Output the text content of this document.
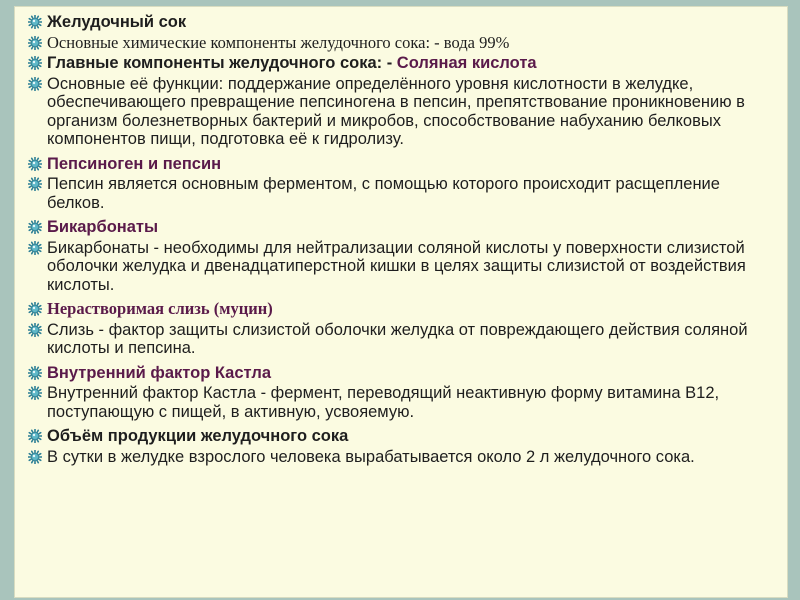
Желудочный сок
Основные химические компоненты желудочного сока: - вода 99%
Главные компоненты желудочного сока: - Соляная кислота
Основные её функции: поддержание определённого уровня кислотности в желудке, обеспечивающего превращение пепсиногена в пепсин, препятствование проникновению в организм болезнетворных бактерий и микробов, способствование набуханию белковых компонентов пищи, подготовка её к гидролизу.
Пепсиноген и пепсин
Пепсин является основным ферментом, с помощью которого происходит расщепление белков.
Бикарбонаты
Бикарбонаты - необходимы для нейтрализации соляной кислоты у поверхности слизистой оболочки желудка и двенадцатиперстной кишки в целях защиты слизистой от воздействия кислоты.
Нерастворимая слизь (муцин)
Слизь - фактор защиты слизистой оболочки желудка от повреждающего действия соляной кислоты и пепсина.
Внутренний фактор Кастла
Внутренний фактор Кастла - фермент, переводящий неактивную форму витамина B12, поступающую с пищей, в активную, усвояемую.
Объём продукции желудочного сока
В сутки в желудке взрослого человека вырабатывается около 2 л желудочного сока.
